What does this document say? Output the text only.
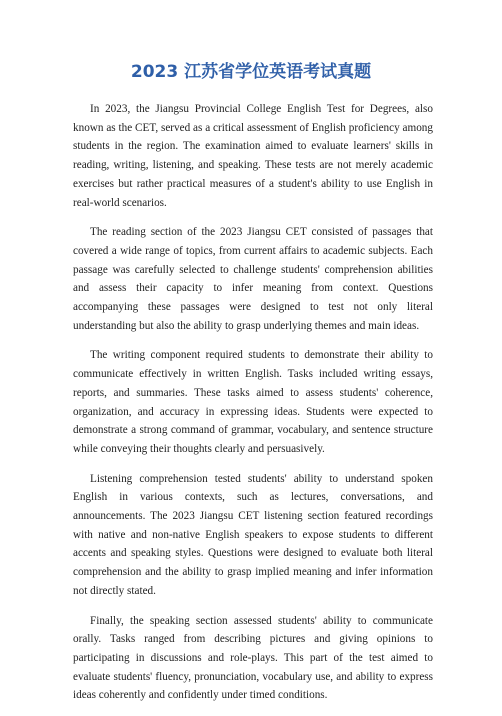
2023 江苏省学位英语考试真题

In 2023, the Jiangsu Provincial College English Test for Degrees, also known as the CET, served as a critical assessment of English proficiency among students in the region. The examination aimed to evaluate learners' skills in reading, writing, listening, and speaking. These tests are not merely academic exercises but rather practical measures of a student's ability to use English in real-world scenarios.

The reading section of the 2023 Jiangsu CET consisted of passages that covered a wide range of topics, from current affairs to academic subjects. Each passage was carefully selected to challenge students' comprehension abilities and assess their capacity to infer meaning from context. Questions accompanying these passages were designed to test not only literal understanding but also the ability to grasp underlying themes and main ideas.

The writing component required students to demonstrate their ability to communicate effectively in written English. Tasks included writing essays, reports, and summaries. These tasks aimed to assess students' coherence, organization, and accuracy in expressing ideas. Students were expected to demonstrate a strong command of grammar, vocabulary, and sentence structure while conveying their thoughts clearly and persuasively.

Listening comprehension tested students' ability to understand spoken English in various contexts, such as lectures, conversations, and announcements. The 2023 Jiangsu CET listening section featured recordings with native and non-native English speakers to expose students to different accents and speaking styles. Questions were designed to evaluate both literal comprehension and the ability to grasp implied meaning and infer information not directly stated.

Finally, the speaking section assessed students' ability to communicate orally. Tasks ranged from describing pictures and giving opinions to participating in discussions and role-plays. This part of the test aimed to evaluate students' fluency, pronunciation, vocabulary use, and ability to express ideas coherently and confidently under timed conditions.
